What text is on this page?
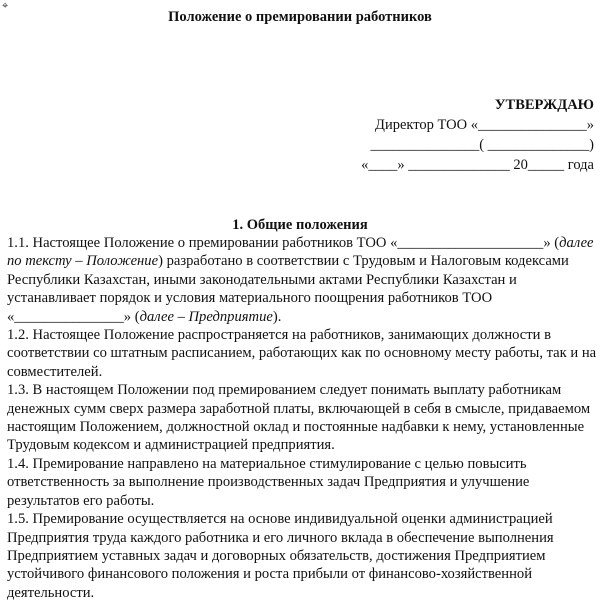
⌖
Положение о премировании работников

УТВЕРЖДАЮ

Директор ТОО «_______________»

_______________( ______________)

«____» ______________ 20_____ года

1. Общие положения

1.1. Настоящее Положение о премировании работников ТОО «____________________» (далее по тексту – Положение) разработано в соответствии с Трудовым и Налоговым кодексами Республики Казахстан, иными законодательными актами Республики Казахстан и устанавливает порядок и условия материального поощрения работников ТОО «_______________» (далее – Предприятие).

1.2. Настоящее Положение распространяется на работников, занимающих должности в соответствии со штатным расписанием, работающих как по основному месту работы, так и на совместителей.

1.3. В настоящем Положении под премированием следует понимать выплату работникам денежных сумм сверх размера заработной платы, включающей в себя в смысле, придаваемом настоящим Положением, должностной оклад и постоянные надбавки к нему, установленные Трудовым кодексом и администрацией предприятия.

1.4. Премирование направлено на материальное стимулирование с целью повысить ответственность за выполнение производственных задач Предприятия и улучшение результатов его работы.

1.5. Премирование осуществляется на основе индивидуальной оценки администрацией Предприятия труда каждого работника и его личного вклада в обеспечение выполнения Предприятием уставных задач и договорных обязательств, достижения Предприятием устойчивого финансового положения и роста прибыли от финансово-хозяйственной деятельности.
